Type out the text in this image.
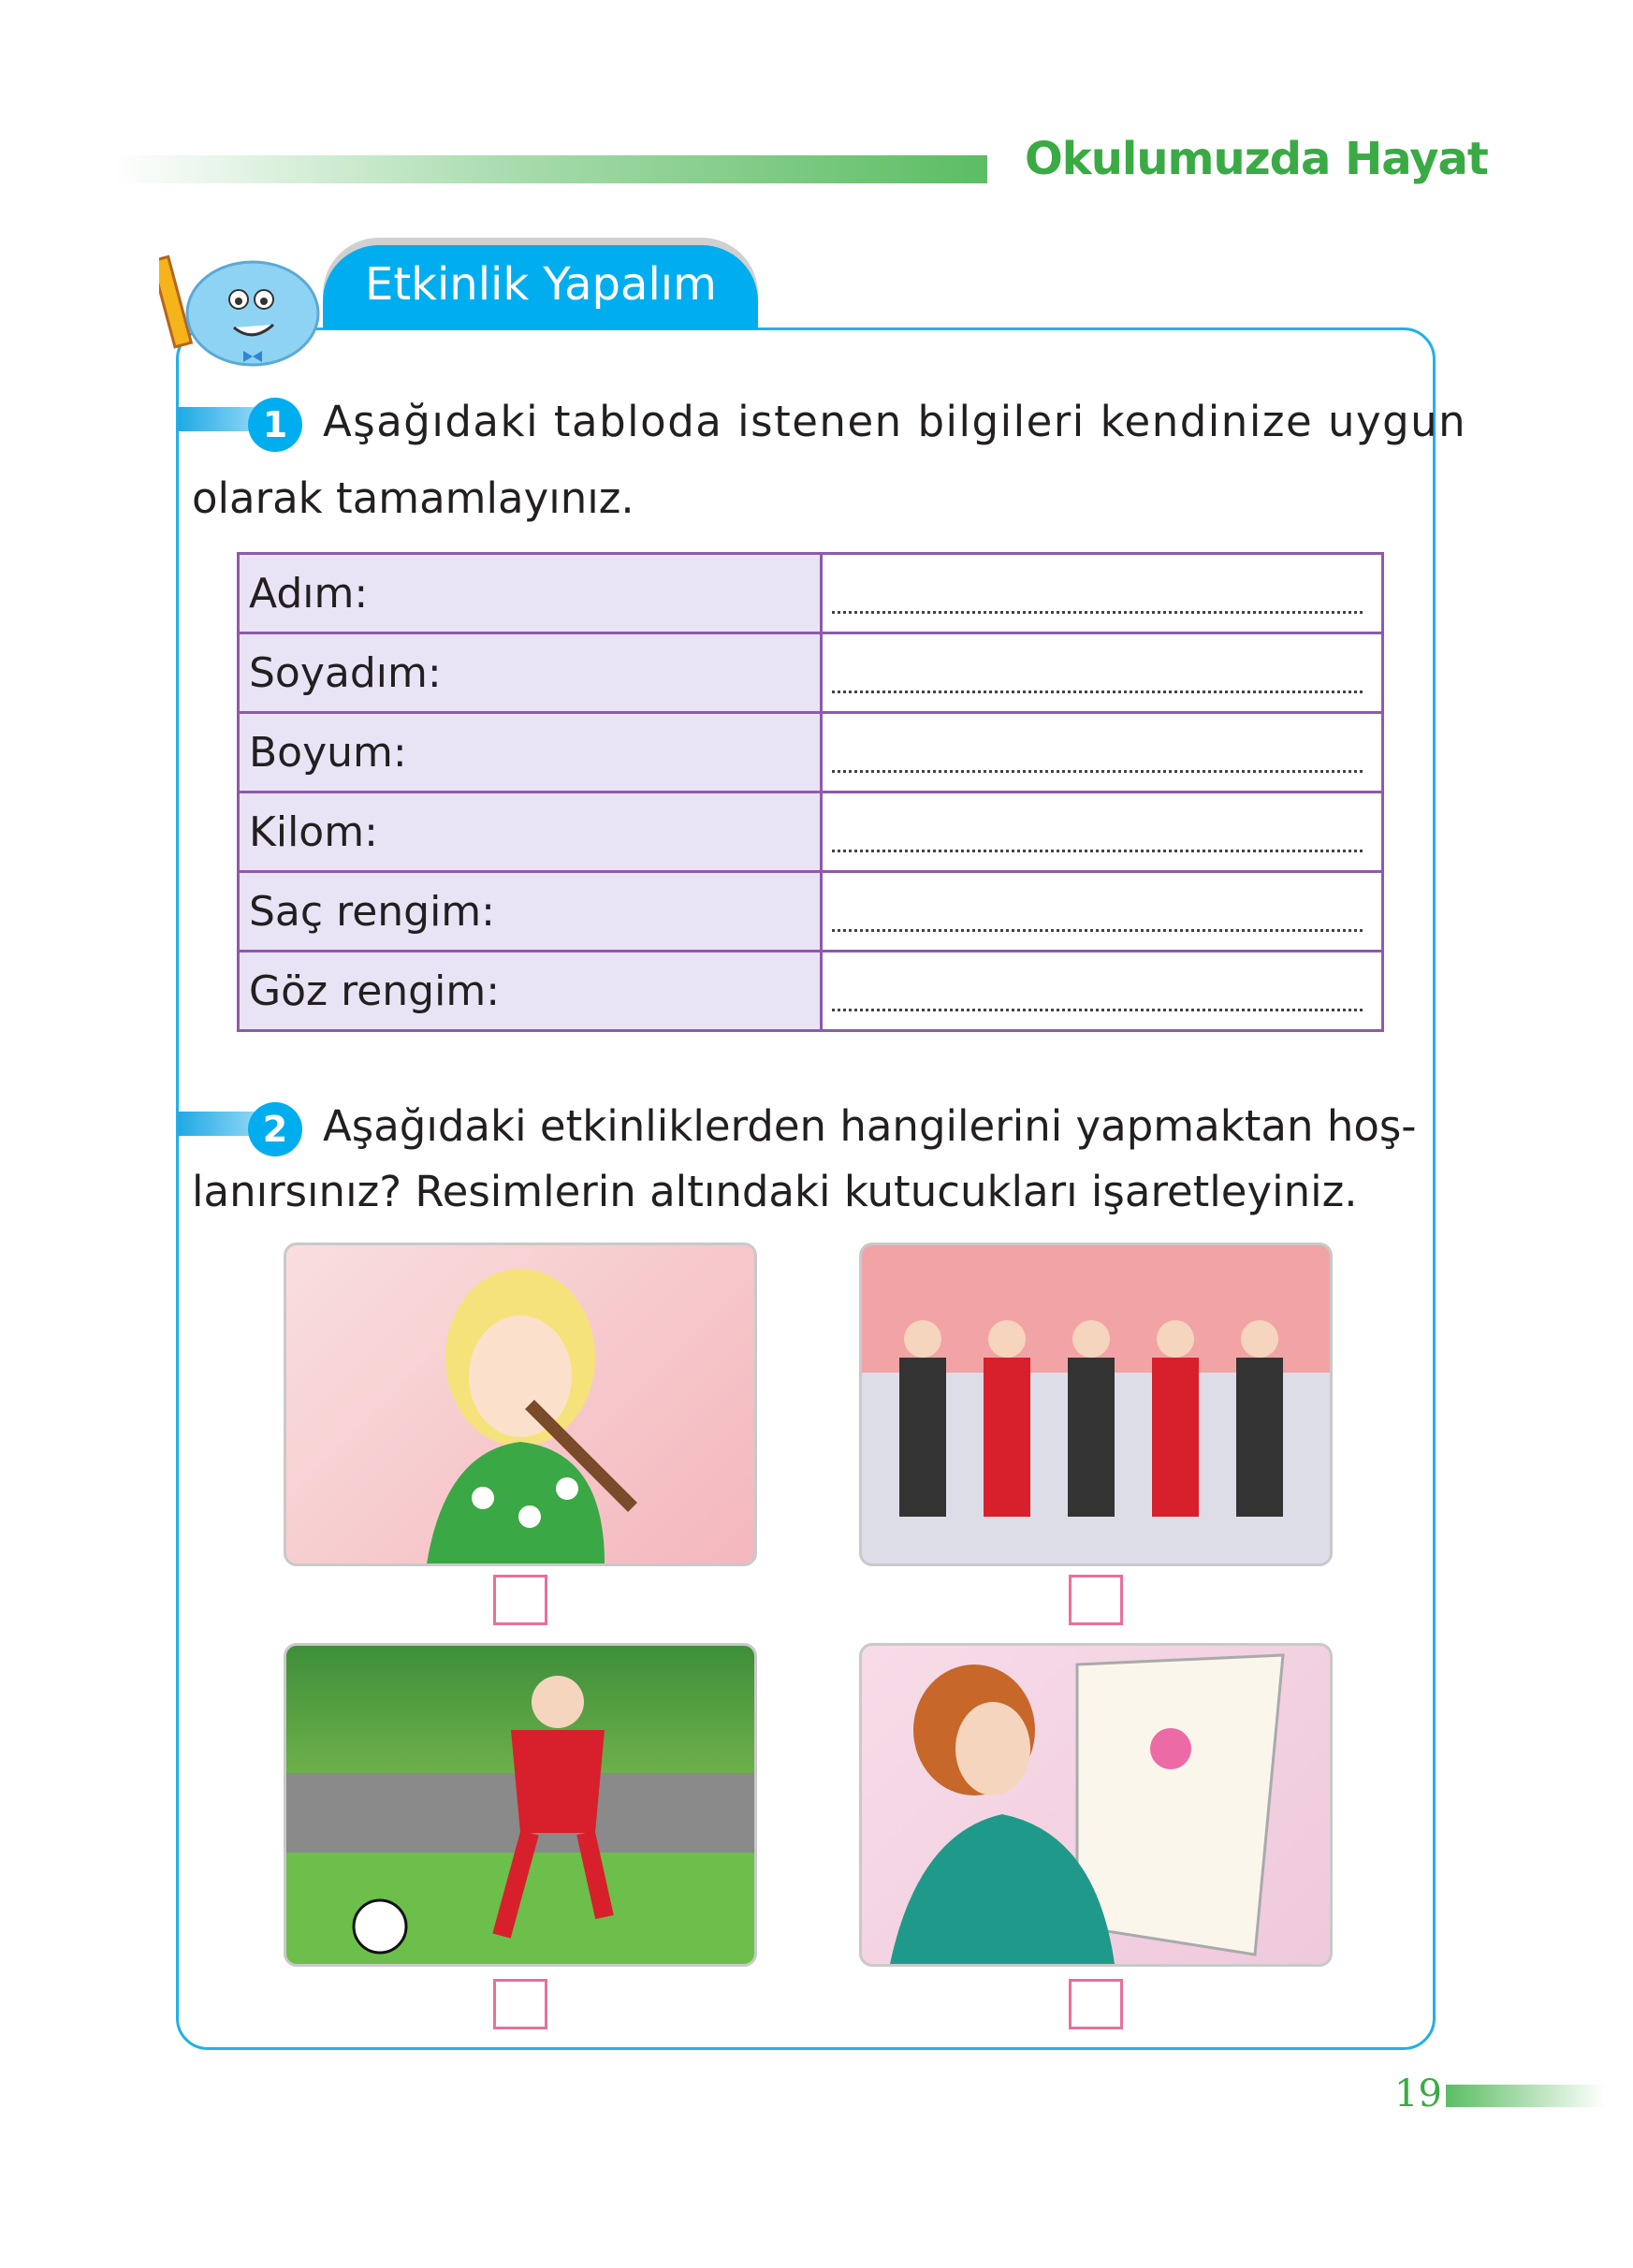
Okulumuzda Hayat
Etkinlik Yapalım
1 Aşağıdaki tabloda istenen bilgileri kendinize uygun
olarak tamamlayınız.
Adım:	

Soyadım:	

Boyum:	

Kilom:	

Saç rengim:	

Göz rengim:	
2 Aşağıdaki etkinliklerden hangilerini yapmaktan hoş-
lanırsınız? Resimlerin altındaki kutucukları işaretleyiniz.
19
